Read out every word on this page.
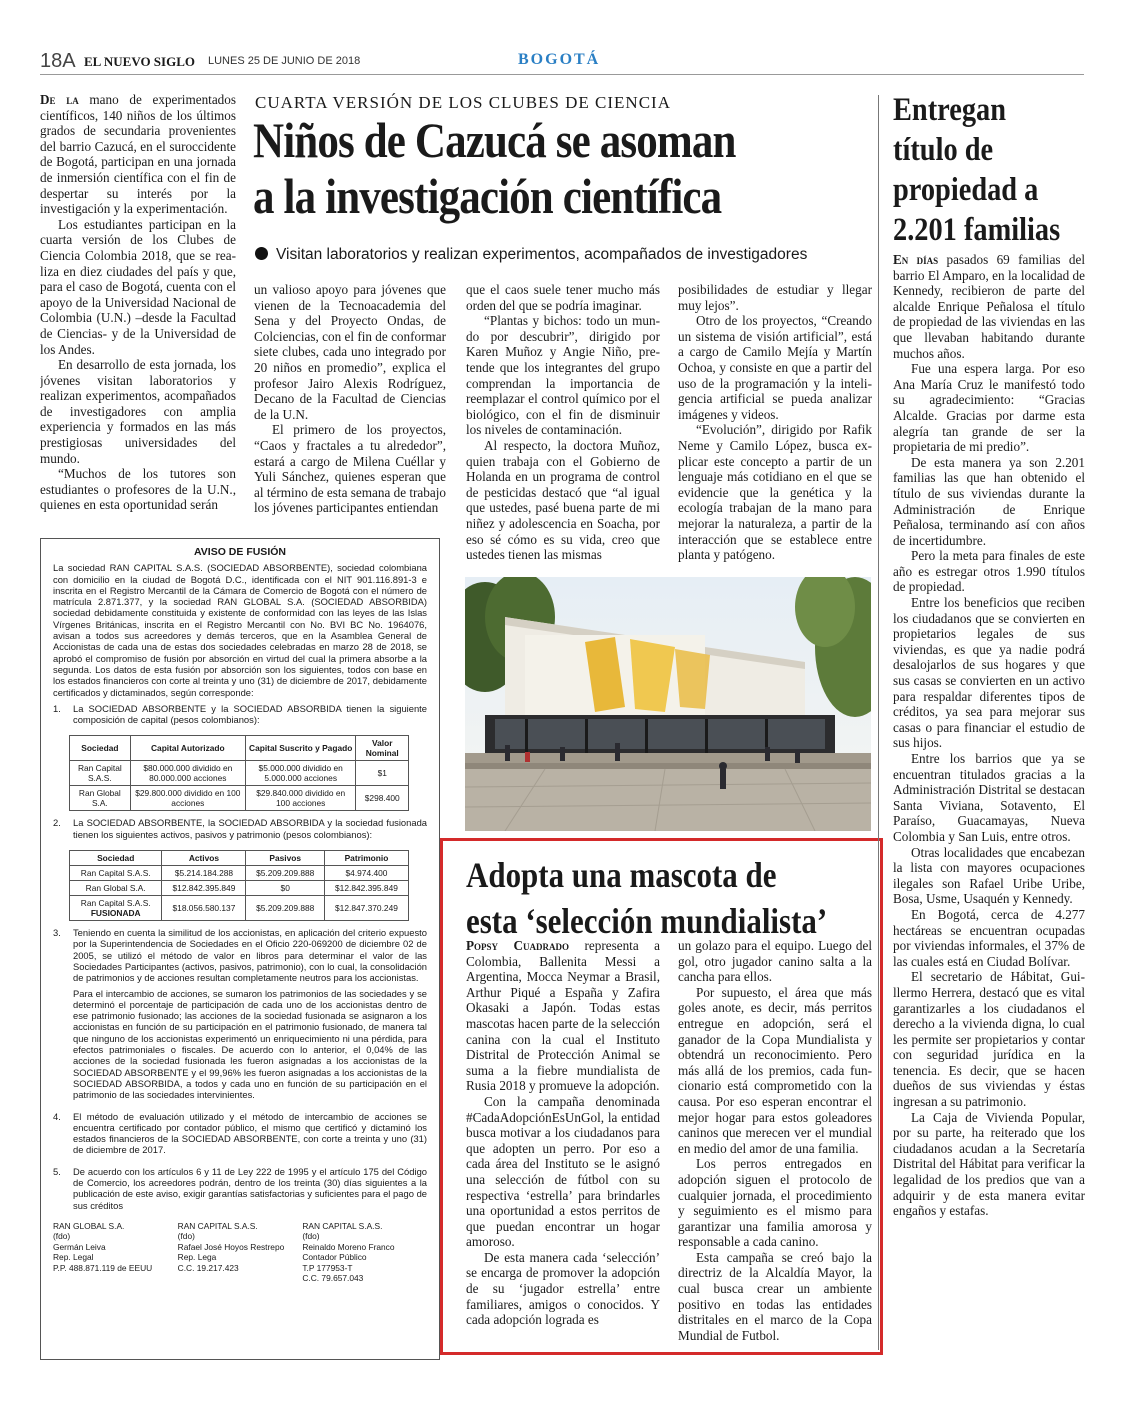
18A EL NUEVO SIGLO LUNES 25 DE JUNIO DE 2018	BOGOTÁ
CUARTA VERSIÓN DE LOS CLUBES DE CIENCIA
Niños de Cazucá se asoman
a la investigación científica
Visitan laboratorios y realizan experimentos, acompañados de investigadores

De la mano de experimentados científicos, 140 niños de los últimos grados de secundaria provenientes del barrio Cazucá, en el suroccidente de Bogotá, participan en una jornada de inmersión científica con el fin de despertar su interés por la investigación y la experimentación.

Los estudiantes participan en la cuarta versión de los Clubes de Ciencia Colombia 2018, que se realiza en diez ciudades del país y que, para el caso de Bogotá, cuenta con el apoyo de la Universidad Nacional de Colombia (U.N.) –desde la Facultad de Ciencias- y de la Universidad de los Andes.

En desarrollo de esta jornada, los jóvenes visitan laboratorios y realizan experimentos, acompañados de investigadores con amplia experiencia y formados en las más prestigiosas universidades del mundo.

“Muchos de los tutores son estudiantes o profesores de la U.N., quienes en esta oportunidad serán

un valioso apoyo para jóvenes que vienen de la Tecnoacademia del Sena y del Proyecto Ondas, de Colciencias, con el fin de conformar siete clubes, cada uno integrado por 20 niños en promedio”, explica el profesor Jairo Alexis Rodríguez, Decano de la Facultad de Ciencias de la U.N.

El primero de los proyectos, “Caos y fractales a tu alrededor”, estará a cargo de Milena Cuéllar y Yuli Sánchez, quienes esperan que al término de esta semana de trabajo los jóvenes participantes entiendan

que el caos suele tener mucho más orden del que se podría imaginar.

“Plantas y bichos: todo un mundo por descubrir”, dirigido por Karen Muñoz y Angie Niño, pretende que los integrantes del grupo comprendan la importancia de reemplazar el control químico por el biológico, con el fin de disminuir los niveles de contaminación.

Al respecto, la doctora Muñoz, quien trabaja con el Gobierno de Holanda en un programa de control de pesticidas destacó que “al igual que ustedes, pasé buena parte de mi niñez y adolescencia en Soacha, por eso sé cómo es su vida, creo que ustedes tienen las mismas

posibilidades de estudiar y llegar muy lejos”.

Otro de los proyectos, “Creando un sistema de visión artificial”, está a cargo de Camilo Mejía y Martín Ochoa, y consiste en que a partir del uso de la programación y la inteligencia artificial se pueda analizar imágenes y videos.

“Evolución”, dirigido por Rafik Neme y Camilo López, busca explicar este concepto a partir de un lenguaje más cotidiano en el que se evidencie que la genética y la ecología trabajan de la mano para mejorar la naturaleza, a partir de la interacción que se establece entre planta y patógeno.

AVISO DE FUSIÓN

La sociedad RAN CAPITAL S.A.S. (SOCIEDAD ABSORBENTE), sociedad colombiana con domicilio en la ciudad de Bogotá D.C., identificada con el NIT 901.116.891-3 e inscrita en el Registro Mercantil de la Cámara de Comercio de Bogotá con el número de matrícula 2.871.377, y la sociedad RAN GLOBAL S.A. (SOCIEDAD ABSORBIDA) sociedad debidamente constituida y existente de conformidad con las leyes de las Islas Vírgenes Británicas, inscrita en el Registro Mercantil con No. BVI BC No. 1964076, avisan a todos sus acreedores y demás terceros, que en la Asamblea General de Accionistas de cada una de estas dos sociedades celebradas en marzo 28 de 2018, se aprobó el compromiso de fusión por absorción en virtud del cual la primera absorbe a la segunda. Los datos de esta fusión por absorción son los siguientes, todos con base en los estados financieros con corte al treinta y uno (31) de diciembre de 2017, debidamente certificados y dictaminados, según corresponde:

1.	La SOCIEDAD ABSORBENTE y la SOCIEDAD ABSORBIDA tienen la siguiente composición de capital (pesos colombianos):

Sociedad	Capital Autorizado	Capital Suscrito y Pagado	Valor Nominal
Ran Capital S.A.S.	$80.000.000 dividido en 80.000.000 acciones	$5.000.000 dividido en 5.000.000 acciones	$1
Ran Global S.A.	$29.800.000 dividido en 100 acciones	$29.840.000 dividido en 100 acciones	$298.400
2.	La SOCIEDAD ABSORBENTE, la SOCIEDAD ABSORBIDA y la sociedad fusionada tienen los siguientes activos, pasivos y patrimonio (pesos colombianos):

Sociedad	Activos	Pasivos	Patrimonio
Ran Capital S.A.S.	$5.214.184.288	$5.209.209.888	$4.974.400
Ran Global S.A.	$12.842.395.849	$0	$12.842.395.849
Ran Capital S.A.S.
FUSIONADA	$18.056.580.137	$5.209.209.888	$12.847.370.249
3.	Teniendo en cuenta la similitud de los accionistas, en aplicación del criterio expuesto por la Superintendencia de Sociedades en el Oficio 220-069200 de diciembre 02 de 2005, se utilizó el método de valor en libros para determinar el valor de las Sociedades Participantes (activos, pasivos, patrimonio), con lo cual, la consolidación de patrimonios y de acciones resultan completamente neutros para los accionistas.

Para el intercambio de acciones, se sumaron los patrimonios de las sociedades y se determinó el porcentaje de participación de cada uno de los accionistas dentro de ese patrimonio fusionado; las acciones de la sociedad fusionada se asignaron a los accionistas en función de su participación en el patrimonio fusionado, de manera tal que ninguno de los accionistas experimentó un enriquecimiento ni una pérdida, para efectos patrimoniales o fiscales. De acuerdo con lo anterior, el 0,04% de las acciones de la sociedad fusionada les fueron asignadas a los accionistas de la SOCIEDAD ABSORBENTE y el 99,96% les fueron asignadas a los accionistas de la SOCIEDAD ABSORBIDA, a todos y cada uno en función de su participación en el patrimonio de las sociedades intervinientes.

4.	El método de evaluación utilizado y el método de intercambio de acciones se encuentra certificado por contador público, el mismo que certificó y dictaminó los estados financieros de la SOCIEDAD ABSORBENTE, con corte a treinta y uno (31) de diciembre de 2017.

5.	De acuerdo con los artículos 6 y 11 de Ley 222 de 1995 y el artículo 175 del Código de Comercio, los acreedores podrán, dentro de los treinta (30) días siguientes a la publicación de este aviso, exigir garantías satisfactorias y suficientes para el pago de sus créditos

RAN GLOBAL S.A.
(fdo)
Germán Leiva
Rep. Legal
P.P. 488.871.119 de EEUU
RAN CAPITAL S.A.S.
(fdo)
Rafael José Hoyos Restrepo
Rep. Lega
C.C. 19.217.423
RAN CAPITAL S.A.S.
(fdo)
Reinaldo Moreno Franco
Contador Público
T.P 177953-T
C.C. 79.657.043
Adopta una mascota de
esta ‘selección mundialista’

Popsy Cuadrado representa a Colombia, Ballenita Messi a Argentina, Mocca Neymar a Brasil, Arthur Piqué a España y Zafira Okasaki a Japón. Todas estas mascotas hacen parte de la selección canina con la cual el Instituto Distrital de Protección Animal se suma a la fiebre mundialista de Rusia 2018 y promueve la adopción.

Con la campaña denominada #CadaAdopciónEsUnGol, la entidad busca motivar a los ciudadanos para que adopten un perro. Por eso a cada área del Instituto se le asignó una selección de fútbol con su respectiva ‘estrella’ para brindarles una oportunidad a estos perritos de que puedan encontrar un hogar amoroso.

De esta manera cada ‘selección’ se encarga de promover la adopción de su ‘jugador estrella’ entre familiares, amigos o conocidos. Y cada adopción lograda es

un golazo para el equipo. Luego del gol, otro jugador canino salta a la cancha para ellos.

Por supuesto, el área que más goles anote, es decir, más perritos entregue en adopción, será el ganador de la Copa Mundialista y obtendrá un reconocimiento. Pero más allá de los premios, cada funcionario está comprometido con la causa. Por eso esperan encontrar el mejor hogar para estos goleadores caninos que merecen ver el mundial en medio del amor de una familia.

Los perros entregados en adopción siguen el protocolo de cualquier jornada, el procedimiento y seguimiento es el mismo para garantizar una familia amorosa y responsable a cada canino.

Esta campaña se creó bajo la directriz de la Alcaldía Mayor, la cual busca crear un ambiente positivo en todas las entidades distritales en el marco de la Copa Mundial de Futbol.

Entregan título de propiedad a 2.201 familias

En días pasados 69 familias del barrio El Amparo, en la localidad de Kennedy, recibieron de parte del alcalde Enrique Peñalosa el título de propiedad de las viviendas en las que llevaban habitando durante muchos años.

Fue una espera larga. Por eso Ana María Cruz le manifestó todo su agradecimiento: “Gracias Alcalde. Gracias por darme esta alegría tan grande de ser la propietaria de mi predio”.

De esta manera ya son 2.201 familias las que han obtenido el título de sus viviendas durante la Administración de Enrique Peñalosa, terminando así con años de incertidumbre.

Pero la meta para finales de este año es estregar otros 1.990 títulos de propiedad.

Entre los beneficios que reciben los ciudadanos que se convierten en propietarios legales de sus viviendas, es que ya nadie podrá desalojarlos de sus hogares y que sus casas se convierten en un activo para respaldar diferentes tipos de créditos, ya sea para mejorar sus casas o para financiar el estudio de sus hijos.

Entre los barrios que ya se encuentran titulados gracias a la Administración Distrital se destacan Santa Viviana, Sotavento, El Paraíso, Guacamayas, Nueva Colombia y San Luis, entre otros.

Otras localidades que encabezan la lista con mayores ocupaciones ilegales son Rafael Uribe Uribe, Bosa, Usme, Usaquén y Kennedy.

En Bogotá, cerca de 4.277 hectáreas se encuentran ocupadas por viviendas informales, el 37% de las cuales está en Ciudad Bolívar.

El secretario de Hábitat, Guillermo Herrera, destacó que es vital garantizarles a los ciudadanos el derecho a la vivienda digna, lo cual les permite ser propietarios y contar con seguridad jurídica en la tenencia. Es decir, que se hacen dueños de sus viviendas y éstas ingresan a su patrimonio.

La Caja de Vivienda Popular, por su parte, ha reiterado que los ciudadanos acudan a la Secretaría Distrital del Hábitat para verificar la legalidad de los predios que van a adquirir y de esta manera evitar engaños y estafas.
